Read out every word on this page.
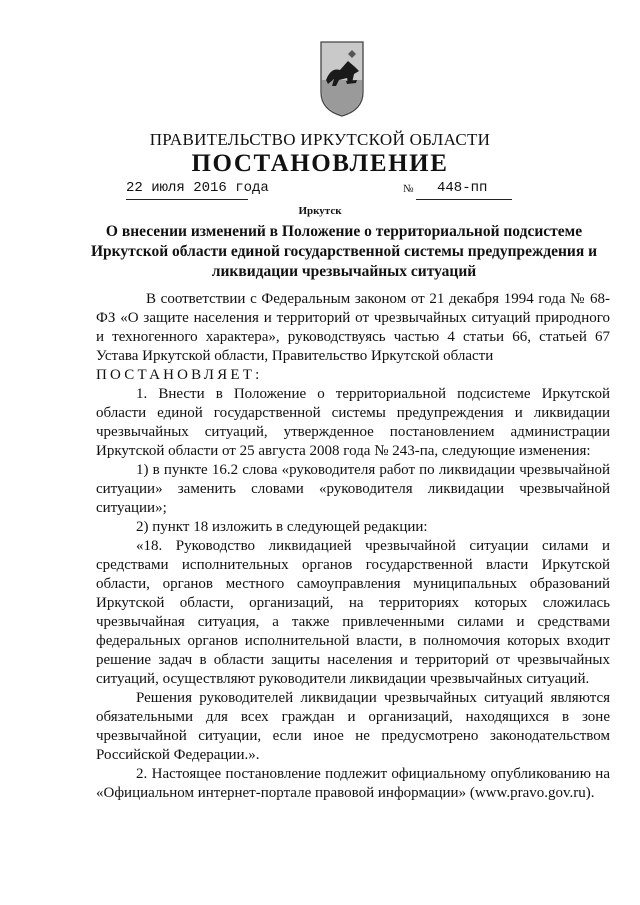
ПРАВИТЕЛЬСТВО ИРКУТСКОЙ ОБЛАСТИ
ПОСТАНОВЛЕНИЕ
22 июля 2016 года	№ 448-пп
Иркутск
О внесении изменений в Положение о территориальной подсистеме Иркутской области единой государственной системы предупреждения и ликвидации чрезвычайных ситуаций

В соответствии с Федеральным законом от 21 декабря 1994 года № 68-ФЗ «О защите населения и территорий от чрезвычайных ситуаций природного и техногенного характера», руководствуясь частью 4 статьи 66, статьей 67 Устава Иркутской области, Правительство Иркутской области

ПОСТАНОВЛЯЕТ:

1. Внести в Положение о территориальной подсистеме Иркутской области единой государственной системы предупреждения и ликвидации чрезвычайных ситуаций, утвержденное постановлением администрации Иркутской области от 25 августа 2008 года № 243-па, следующие изменения:

1) в пункте 16.2 слова «руководителя работ по ликвидации чрезвычайной ситуации» заменить словами «руководителя ликвидации чрезвычайной ситуации»;

2) пункт 18 изложить в следующей редакции:

«18. Руководство ликвидацией чрезвычайной ситуации силами и средствами исполнительных органов государственной власти Иркутской области, органов местного самоуправления муниципальных образований Иркутской области, организаций, на территориях которых сложилась чрезвычайная ситуация, а также привлеченными силами и средствами федеральных органов исполнительной власти, в полномочия которых входит решение задач в области защиты населения и территорий от чрезвычайных ситуаций, осуществляют руководители ликвидации чрезвычайных ситуаций.

Решения руководителей ликвидации чрезвычайных ситуаций являются обязательными для всех граждан и организаций, находящихся в зоне чрезвычайной ситуации, если иное не предусмотрено законодательством Российской Федерации.».

2. Настоящее постановление подлежит официальному опубликованию на «Официальном интернет-портале правовой информации» (www.pravo.gov.ru).
